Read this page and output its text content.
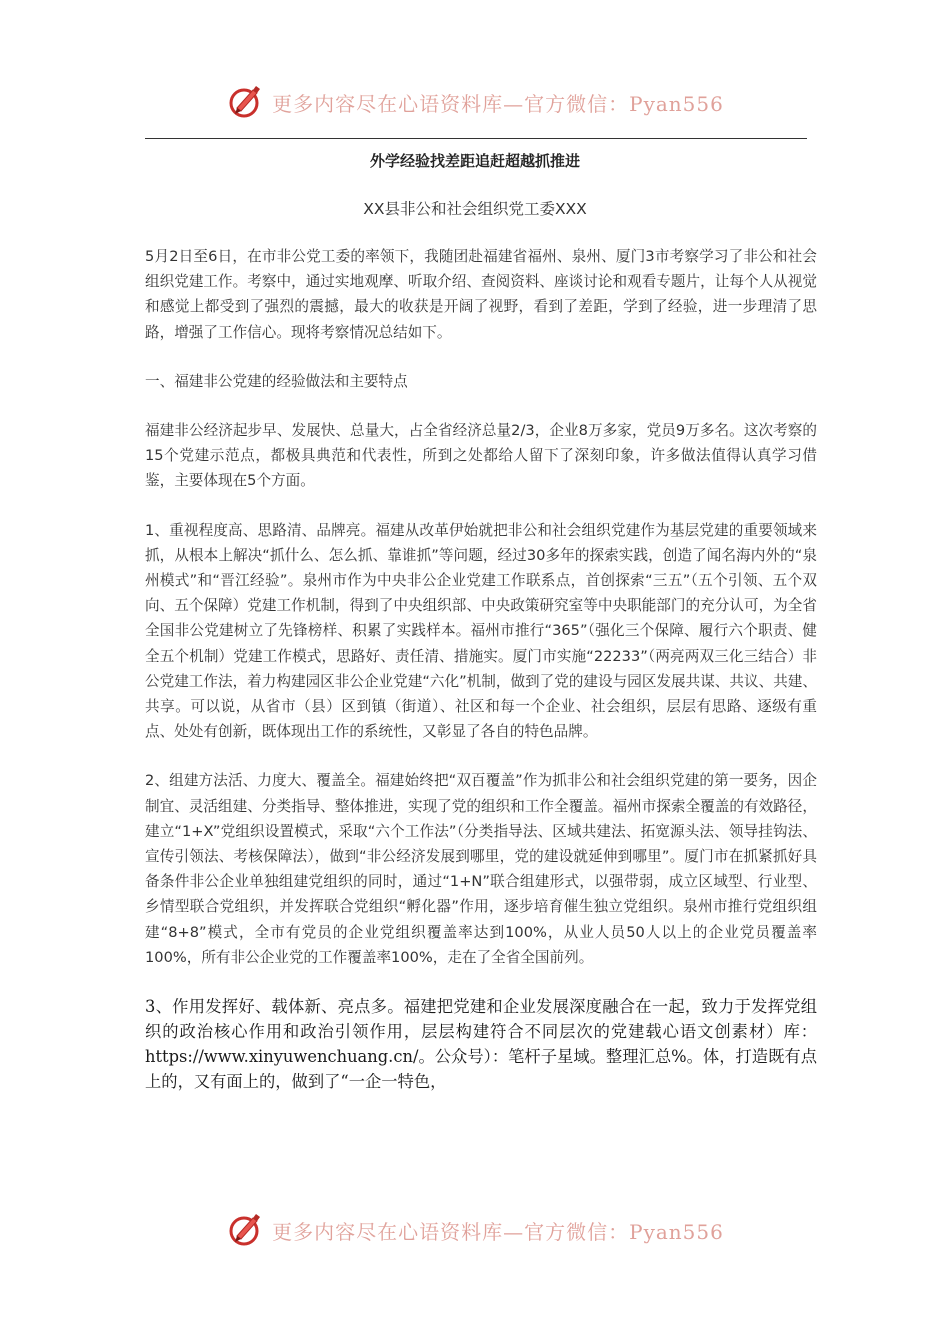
更多内容尽在心语资料库—官方微信：Pyan556
外学经验找差距追赶超越抓推进
XX县非公和社会组织党工委XXX

5月2日至6日，在市非公党工委的率领下，我随团赴福建省福州、泉州、厦门3市考察学习了非公和社会组织党建工作。考察中，通过实地观摩、听取介绍、查阅资料、座谈讨论和观看专题片，让每个人从视觉和感觉上都受到了强烈的震撼，最大的收获是开阔了视野，看到了差距，学到了经验，进一步理清了思路，增强了工作信心。现将考察情况总结如下。

一、福建非公党建的经验做法和主要特点

福建非公经济起步早、发展快、总量大，占全省经济总量2/3，企业8万多家，党员9万多名。这次考察的15个党建示范点，都极具典范和代表性，所到之处都给人留下了深刻印象，许多做法值得认真学习借鉴，主要体现在5个方面。

1、重视程度高、思路清、品牌亮。福建从改革伊始就把非公和社会组织党建作为基层党建的重要领域来抓，从根本上解决“抓什么、怎么抓、靠谁抓”等问题，经过30多年的探索实践，创造了闻名海内外的“泉州模式”和“晋江经验”。泉州市作为中央非公企业党建工作联系点，首创探索“三五”（五个引领、五个双向、五个保障）党建工作机制，得到了中央组织部、中央政策研究室等中央职能部门的充分认可，为全省全国非公党建树立了先锋榜样、积累了实践样本。福州市推行“365”（强化三个保障、履行六个职责、健全五个机制）党建工作模式，思路好、责任清、措施实。厦门市实施“22233”（两亮两双三化三结合）非公党建工作法，着力构建园区非公企业党建“六化”机制，做到了党的建设与园区发展共谋、共议、共建、共享。可以说，从省市（县）区到镇（街道）、社区和每一个企业、社会组织，层层有思路、逐级有重点、处处有创新，既体现出工作的系统性，又彰显了各自的特色品牌。

2、组建方法活、力度大、覆盖全。福建始终把“双百覆盖”作为抓非公和社会组织党建的第一要务，因企制宜、灵活组建、分类指导、整体推进，实现了党的组织和工作全覆盖。福州市探索全覆盖的有效路径，建立“1+X”党组织设置模式，采取“六个工作法”（分类指导法、区域共建法、拓宽源头法、领导挂钩法、宣传引领法、考核保障法），做到“非公经济发展到哪里，党的建设就延伸到哪里”。厦门市在抓紧抓好具备条件非公企业单独组建党组织的同时，通过“1+N”联合组建形式，以强带弱，成立区域型、行业型、乡情型联合党组织，并发挥联合党组织“孵化器”作用，逐步培育催生独立党组织。泉州市推行党组织组建“8+8”模式，全市有党员的企业党组织覆盖率达到100%，从业人员50人以上的企业党员覆盖率100%，所有非公企业党的工作覆盖率100%，走在了全省全国前列。

3、作用发挥好、载体新、亮点多。福建把党建和企业发展深度融合在一起，致力于发挥党组织的政治核心作用和政治引领作用，层层构建符合不同层次的党建载心语文创素材）库：https://www.xinyuwenchuang.cn/。公众号）：笔杆子星域。整理汇总%。体，打造既有点上的，又有面上的，做到了“一企一特色，

更多内容尽在心语资料库—官方微信：Pyan556
